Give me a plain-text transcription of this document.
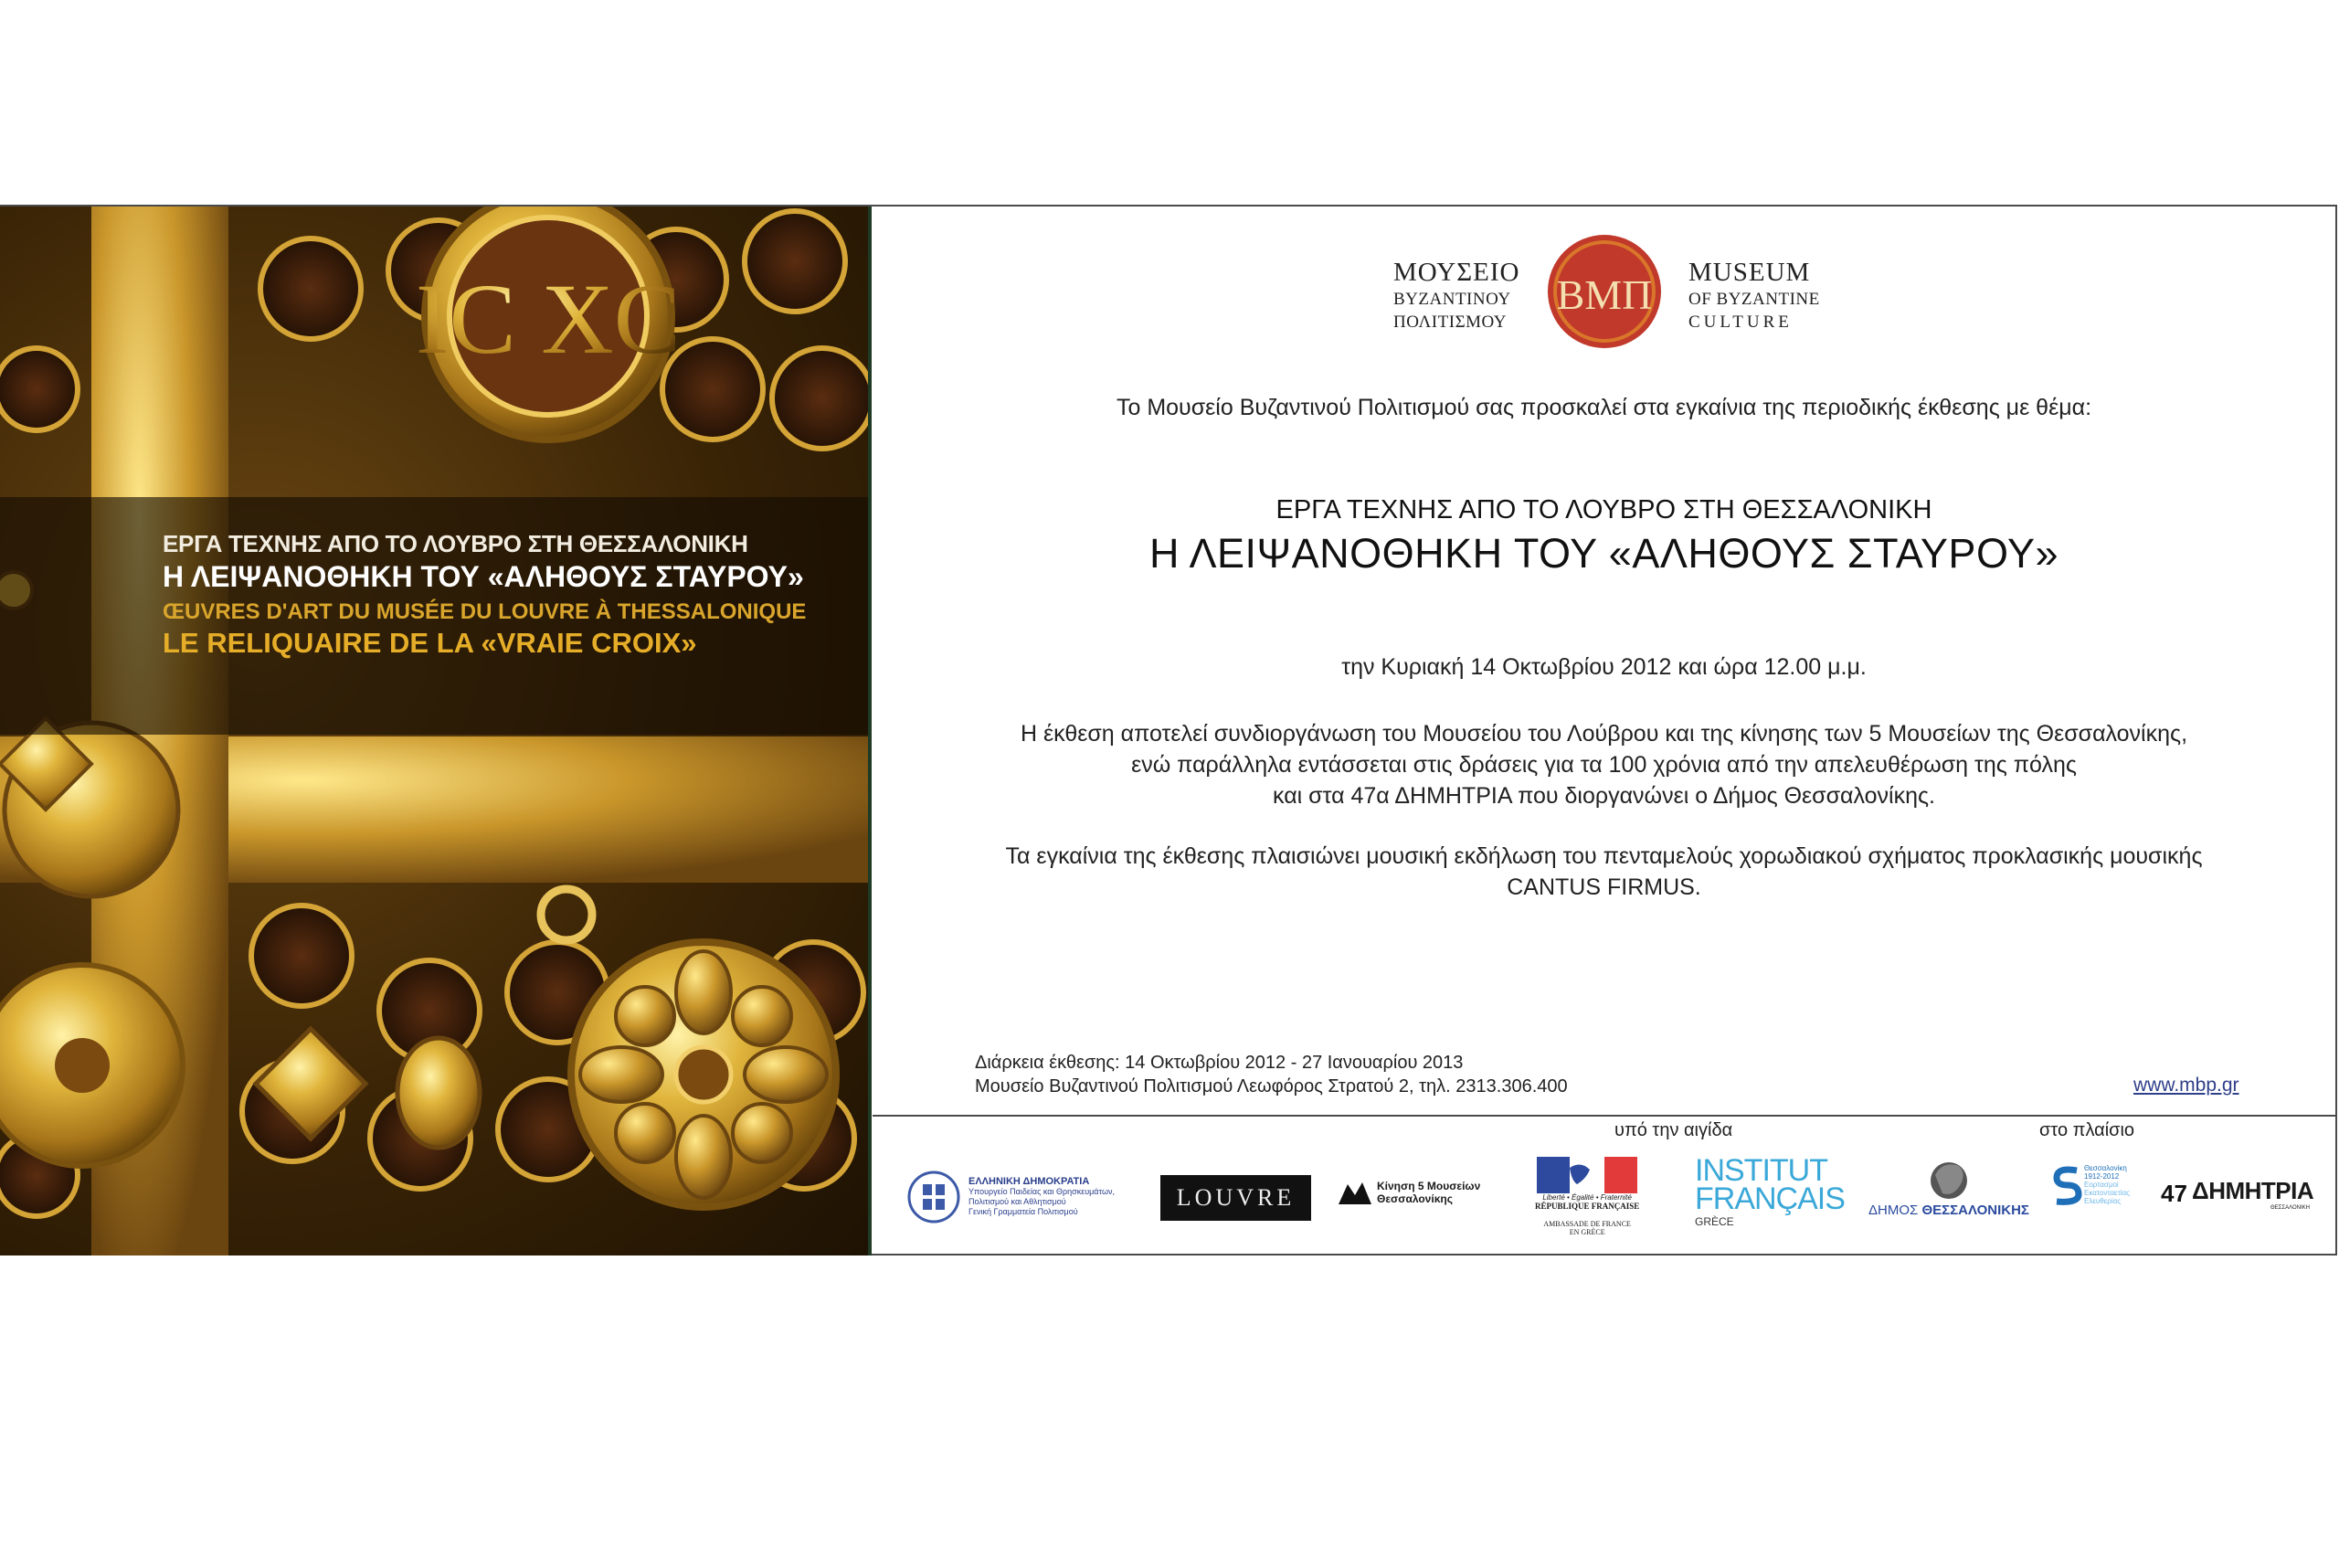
IC XC
ΕΡΓΑ ΤΕΧΝΗΣ ΑΠΟ ΤΟ ΛΟΥΒΡΟ ΣΤΗ ΘΕΣΣΑΛΟΝΙΚΗ
Η ΛΕΙΨΑΝΟΘΗΚΗ ΤΟΥ «ΑΛΗΘΟΥΣ ΣΤΑΥΡΟΥ»
ŒUVRES D'ART DU MUSÉE DU LOUVRE À THESSALONIQUE
LE RELIQUAIRE DE LA «VRAIE CROIX»
ΜΟΥΣΕΙΟ
ΒΥΖΑΝΤΙΝΟΥ
ΠΟΛΙΤΙΣΜΟΥ
ΒΜΠ MUSEUM
OF BYZANTINE
CULTURE
Το Μουσείο Βυζαντινού Πολιτισμού σας προσκαλεί στα εγκαίνια της περιοδικής έκθεσης με θέμα:
ΕΡΓΑ ΤΕΧΝΗΣ ΑΠΟ ΤΟ ΛΟΥΒΡΟ ΣΤΗ ΘΕΣΣΑΛΟΝΙΚΗ
Η ΛΕΙΨΑΝΟΘΗΚΗ ΤΟΥ «ΑΛΗΘΟΥΣ ΣΤΑΥΡΟΥ»
την Κυριακή 14 Οκτωβρίου 2012 και ώρα 12.00 μ.μ.
Η έκθεση αποτελεί συνδιοργάνωση του Μουσείου του Λούβρου και της κίνησης των 5 Μουσείων της Θεσσαλονίκης,
ενώ παράλληλα εντάσσεται στις δράσεις για τα 100 χρόνια από την απελευθέρωση της πόλης
και στα 47α ΔΗΜΗΤΡΙΑ που διοργανώνει ο Δήμος Θεσσαλονίκης.
Τα εγκαίνια της έκθεσης πλαισιώνει μουσική εκδήλωση του πενταμελούς χορωδιακού σχήματος προκλασικής μουσικής
CANTUS FIRMUS.
Διάρκεια έκθεσης: 14 Οκτωβρίου 2012 - 27 Ιανουαρίου 2013
Μουσείο Βυζαντινού Πολιτισμού Λεωφόρος Στρατού 2, τηλ. 2313.306.400	www.mbp.gr
υπό την αιγίδα	στο πλαίσιο
ΕΛΛΗΝΙΚΗ ΔΗΜΟΚΡΑΤΙΑ
Υπουργείο Παιδείας και Θρησκευμάτων,
Πολιτισμού και Αθλητισμού
Γενική Γραμματεία Πολιτισμού
LOUVRE	Κίνηση 5 Μουσείων
Θεσσαλονίκης	Liberté • Égalité • Fraternité
RÉPUBLIQUE FRANÇAISE
AMBASSADE DE FRANCE
EN GRÈCE
INSTITUT
FRANÇAIS
GRÈCE
ΔΗΜΟΣ ΘΕΣΣΑΛΟΝΙΚΗΣ
Θεσσαλονίκη
1912-2012
Εορτασμοί
Εκατονταετίας
Ελευθερίας	47 ΔΗΜΗΤΡΙΑ
ΘΕΣΣΑΛΟΝΙΚΗ
